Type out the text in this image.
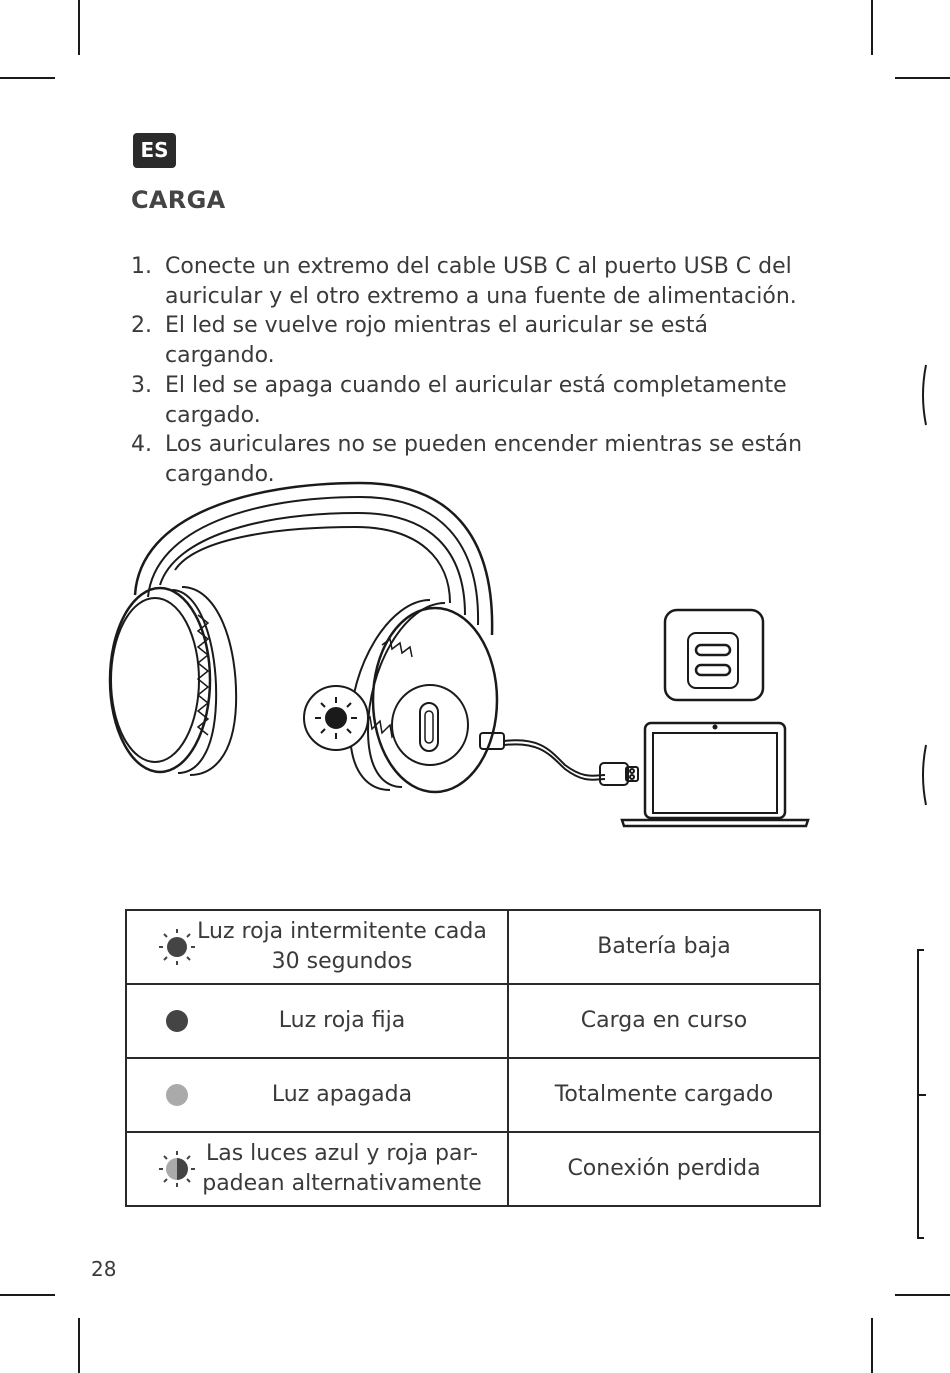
ES
CARGA
1. Conecte un extremo del cable USB C al puerto USB C del auricular y el otro extremo a una fuente de alimentación.
2. El led se vuelve rojo mientras el auricular se está cargando.
3. El led se apaga cuando el auricular está completamente cargado.
4. Los auriculares no se pueden encender mientras se están cargando.
Luz roja intermitente cada 30 segundos	Batería baja

Luz roja fija	Carga en curso

Luz apagada	Totalmente cargado

Las luces azul y roja par-padean alternativamente	Conexión perdida
28
